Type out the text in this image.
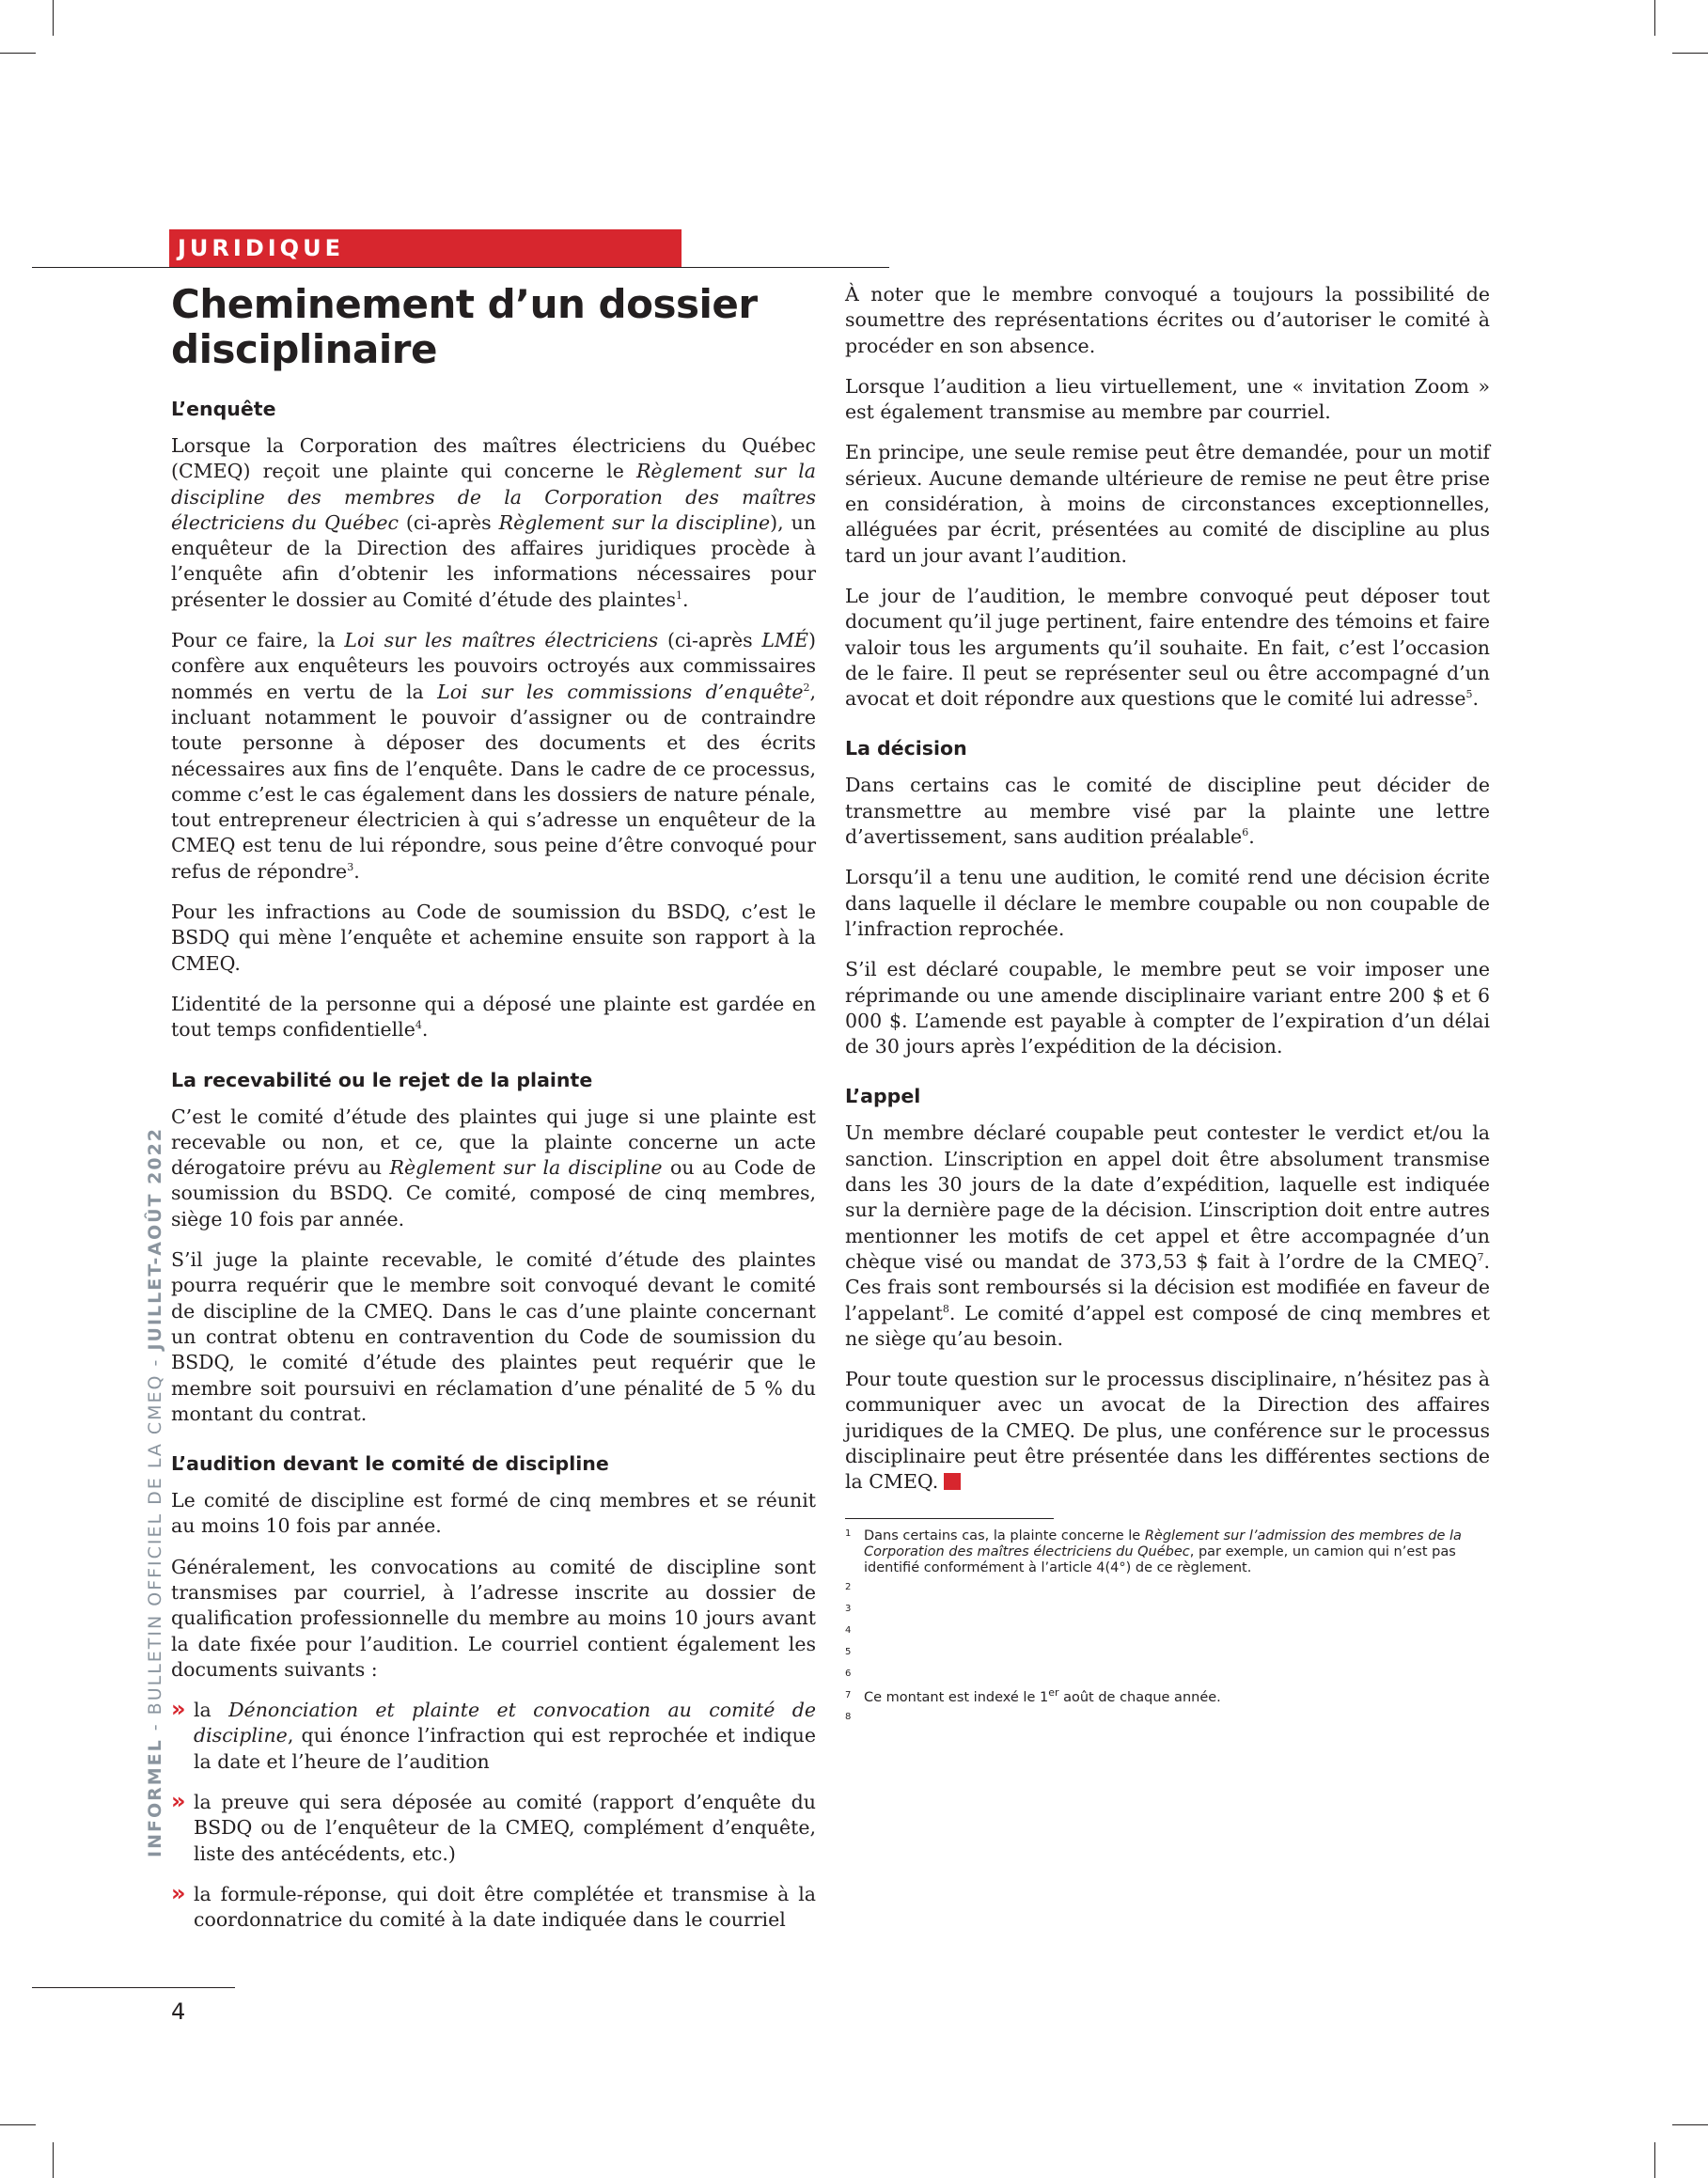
JURIDIQUE
INFORMEL - BULLETIN OFFICIEL DE LA CMEQ - JUILLET-AOÛT 2022
Cheminement d’un dossier disciplinaire
L’enquête

Lorsque la Corporation des maîtres électriciens du Québec (CMEQ) reçoit une plainte qui concerne le Règlement sur la discipline des membres de la Corporation des maîtres électriciens du Québec (ci-après Règlement sur la discipline), un enquêteur de la Direction des affaires juridiques procède à l’enquête afin d’obtenir les informations nécessaires pour présenter le dossier au Comité d’étude des plaintes$^1$.

Pour ce faire, la Loi sur les maîtres électriciens (ci-après LMÉ) confère aux enquêteurs les pouvoirs octroyés aux commissaires nommés en vertu de la Loi sur les commissions d’enquête$^2$, incluant notamment le pouvoir d’assigner ou de contraindre toute personne à déposer des documents et des écrits nécessaires aux fins de l’enquête. Dans le cadre de ce processus, comme c’est le cas également dans les dossiers de nature pénale, tout entrepreneur électricien à qui s’adresse un enquêteur de la CMEQ est tenu de lui répondre, sous peine d’être convoqué pour refus de répondre$^3$.

Pour les infractions au Code de soumission du BSDQ, c’est le BSDQ qui mène l’enquête et achemine ensuite son rapport à la CMEQ.

L’identité de la personne qui a déposé une plainte est gardée en tout temps confidentielle$^4$.

La recevabilité ou le rejet de la plainte

C’est le comité d’étude des plaintes qui juge si une plainte est recevable ou non, et ce, que la plainte concerne un acte dérogatoire prévu au Règlement sur la discipline ou au Code de soumission du BSDQ. Ce comité, composé de cinq membres, siège 10 fois par année.

S’il juge la plainte recevable, le comité d’étude des plaintes pourra requérir que le membre soit convoqué devant le comité de discipline de la CMEQ. Dans le cas d’une plainte concernant un contrat obtenu en contravention du Code de soumission du BSDQ, le comité d’étude des plaintes peut requérir que le membre soit poursuivi en réclamation d’une pénalité de 5 % du montant du contrat.

L’audition devant le comité de discipline

Le comité de discipline est formé de cinq membres et se réunit au moins 10 fois par année.

Généralement, les convocations au comité de discipline sont transmises par courriel, à l’adresse inscrite au dossier de qualification professionnelle du membre au moins 10 jours avant la date fixée pour l’audition. Le courriel contient également les documents suivants :

» la Dénonciation et plainte et convocation au comité de discipline, qui énonce l’infraction qui est reprochée et indique la date et l’heure de l’audition
» la preuve qui sera déposée au comité (rapport d’enquête du BSDQ ou de l’enquêteur de la CMEQ, complément d’enquête, liste des antécédents, etc.)
» la formule-réponse, qui doit être complétée et transmise à la coordonnatrice du comité à la date indiquée dans le courriel

À noter que le membre convoqué a toujours la possibilité de soumettre des représentations écrites ou d’autoriser le comité à procéder en son absence.

Lorsque l’audition a lieu virtuellement, une « invitation Zoom » est également transmise au membre par courriel.

En principe, une seule remise peut être demandée, pour un motif sérieux. Aucune demande ultérieure de remise ne peut être prise en considération, à moins de circonstances exceptionnelles, alléguées par écrit, présentées au comité de discipline au plus tard un jour avant l’audition.

Le jour de l’audition, le membre convoqué peut déposer tout document qu’il juge pertinent, faire entendre des témoins et faire valoir tous les arguments qu’il souhaite. En fait, c’est l’occasion de le faire. Il peut se représenter seul ou être accompagné d’un avocat et doit répondre aux questions que le comité lui adresse$^5$.

La décision

Dans certains cas le comité de discipline peut décider de transmettre au membre visé par la plainte une lettre d’avertissement, sans audition préalable$^6$.

Lorsqu’il a tenu une audition, le comité rend une décision écrite dans laquelle il déclare le membre coupable ou non coupable de l’infraction reprochée.

S’il est déclaré coupable, le membre peut se voir imposer une réprimande ou une amende disciplinaire variant entre 200 $ et 6 000 $. L’amende est payable à compter de l’expiration d’un délai de 30 jours après l’expédition de la décision.

L’appel

Un membre déclaré coupable peut contester le verdict et/ou la sanction. L’inscription en appel doit être absolument transmise dans les 30 jours de la date d’expédition, laquelle est indiquée sur la dernière page de la décision. L’inscription doit entre autres mentionner les motifs de cet appel et être accompagnée d’un chèque visé ou mandat de 373,53 $ fait à l’ordre de la CMEQ$^7$. Ces frais sont remboursés si la décision est modifiée en faveur de l’appelant$^8$. Le comité d’appel est composé de cinq membres et ne siège qu’au besoin.

Pour toute question sur le processus disciplinaire, n’hésitez pas à communiquer avec un avocat de la Direction des affaires juridiques de la CMEQ. De plus, une conférence sur le processus disciplinaire peut être présentée dans les différentes sections de la CMEQ.

1 Dans certains cas, la plainte concerne le Règlement sur l’admission des membres de la Corporation des maîtres électriciens du Québec, par exemple, un camion qui n’est pas identifié conformément à l’article 4(4°) de ce règlement.
2
3
4
5
6
7 Ce montant est indexé le 1er août de chaque année.
8
4
